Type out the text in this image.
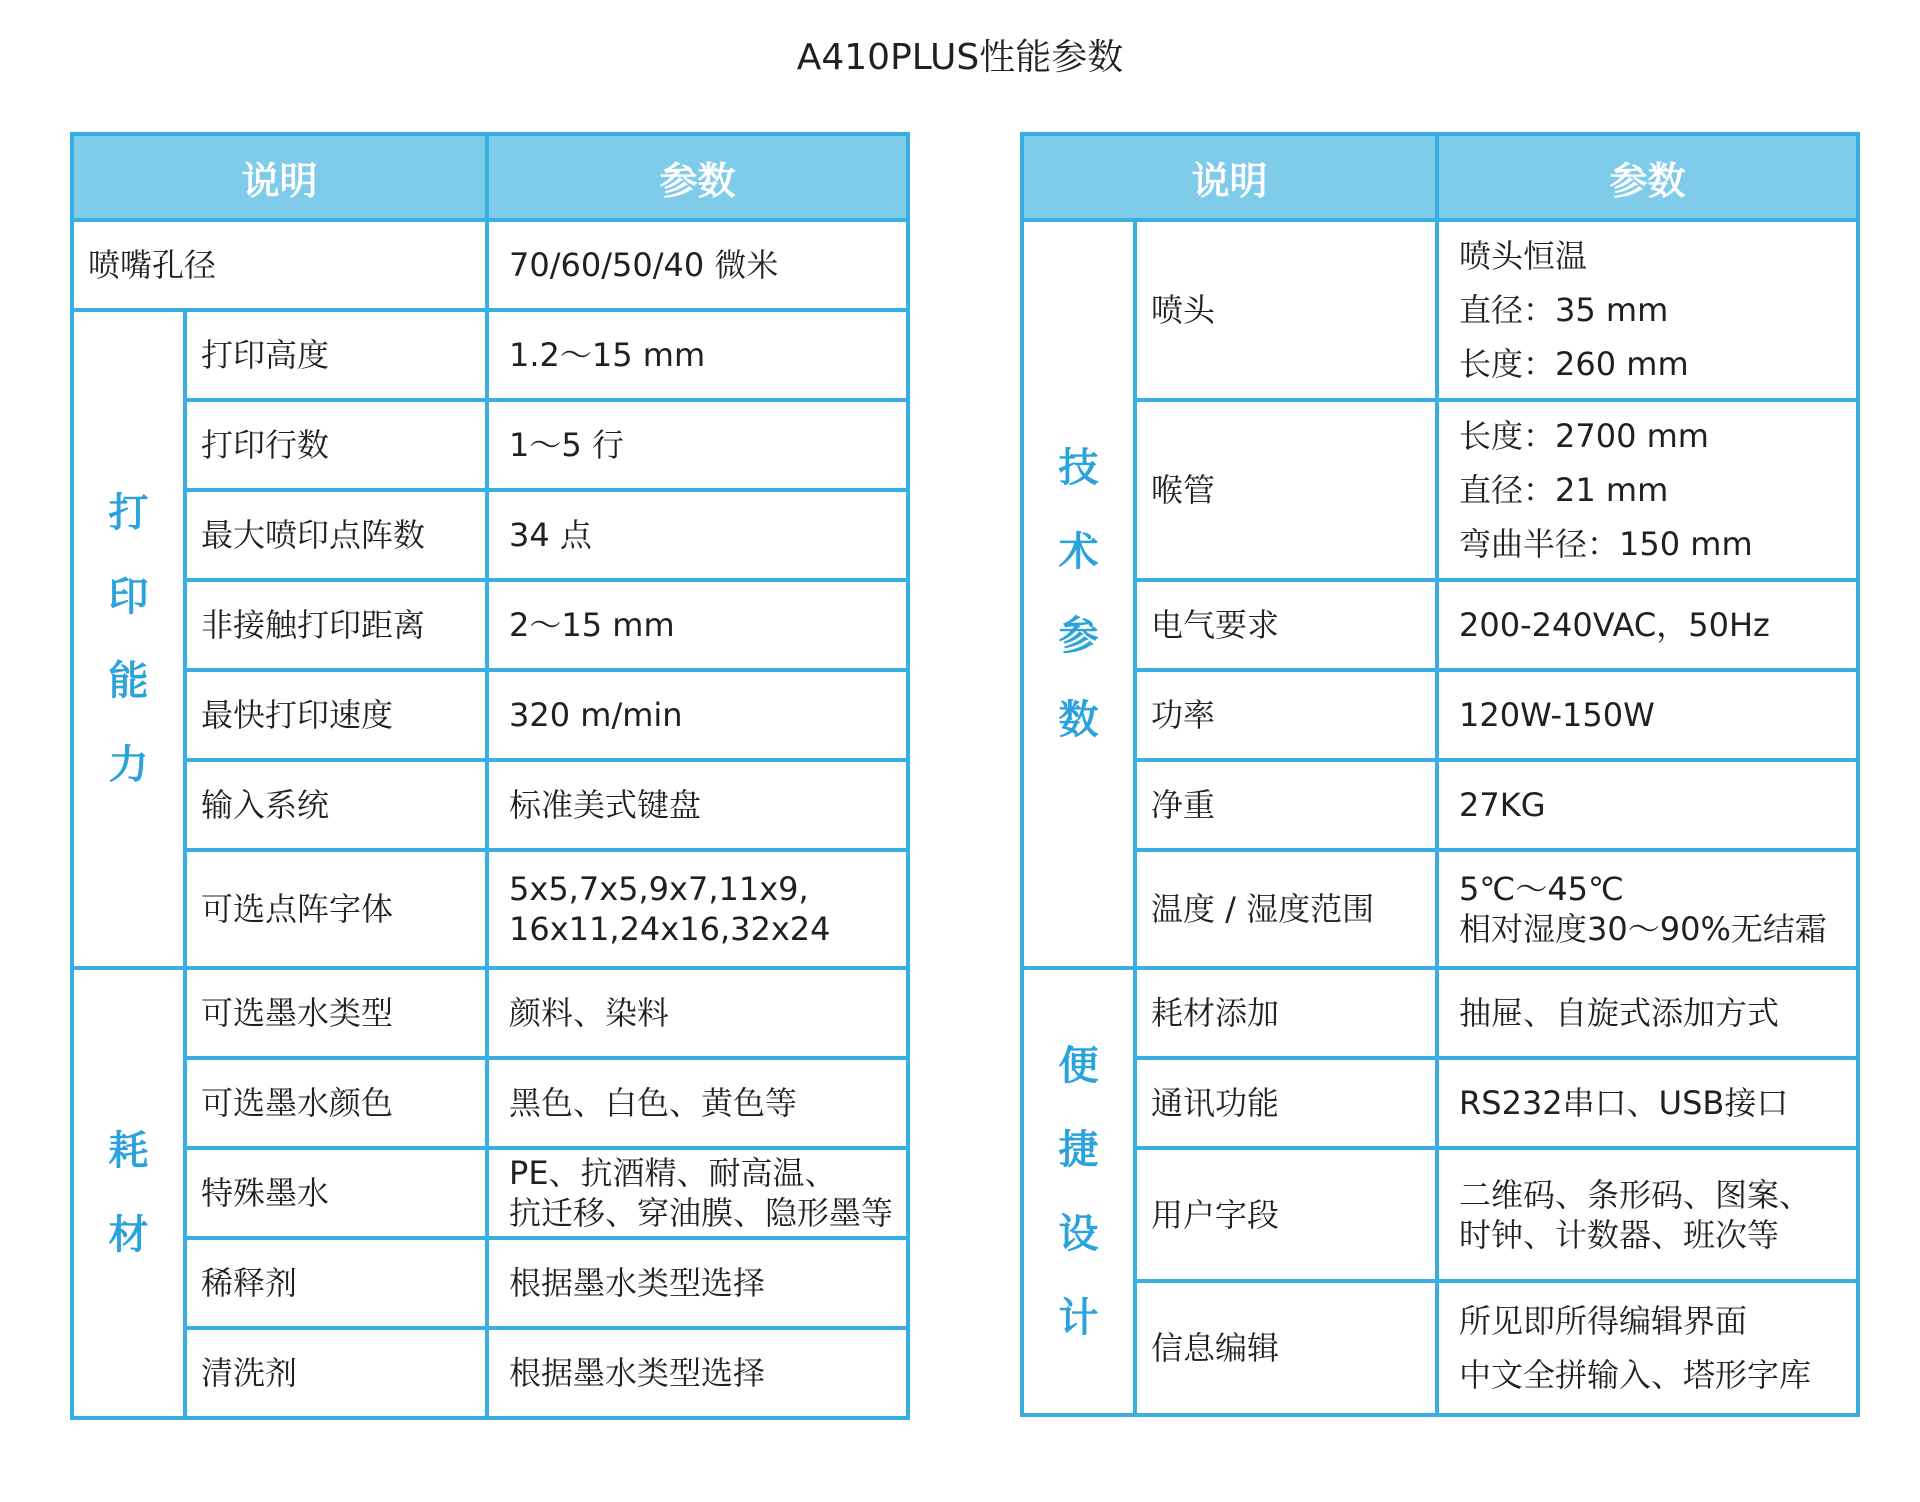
A410PLUS性能参数
说明		参数
喷嘴孔径		70/60/50/40 微米

打
印
能
力	打印高度	1.2～15 mm
	打印行数	1～5 行
	最大喷印点阵数	34 点
	非接触打印距离	2～15 mm
	最快打印速度	320 m/min
	输入系统	标准美式键盘
	可选点阵字体	5x5,7x5,9x7,11x9,
16x11,24x16,32x24

耗
材	可选墨水类型	颜料、染料
	可选墨水颜色	黑色、白色、黄色等
	特殊墨水	PE、抗酒精、耐高温、
抗迁移、穿油膜、隐形墨等

	稀释剂	根据墨水类型选择
	清洗剂	根据墨水类型选择
说明		参数

技
术
参
数	喷头	喷头恒温
直径：35 mm
长度：260 mm

	喉管	长度：2700 mm
直径：21 mm
弯曲半径：150 mm

	电气要求	200-240VAC，50Hz
	功率	120W-150W
	净重	27KG
	温度 / 湿度范围	5℃～45℃
相对湿度30～90%无结霜

便
捷
设
计	耗材添加	抽屉、自旋式添加方式
	通讯功能	RS232串口、USB接口
	用户字段	二维码、条形码、图案、
时钟、计数器、班次等

	信息编辑	所见即所得编辑界面
中文全拼输入、塔形字库
